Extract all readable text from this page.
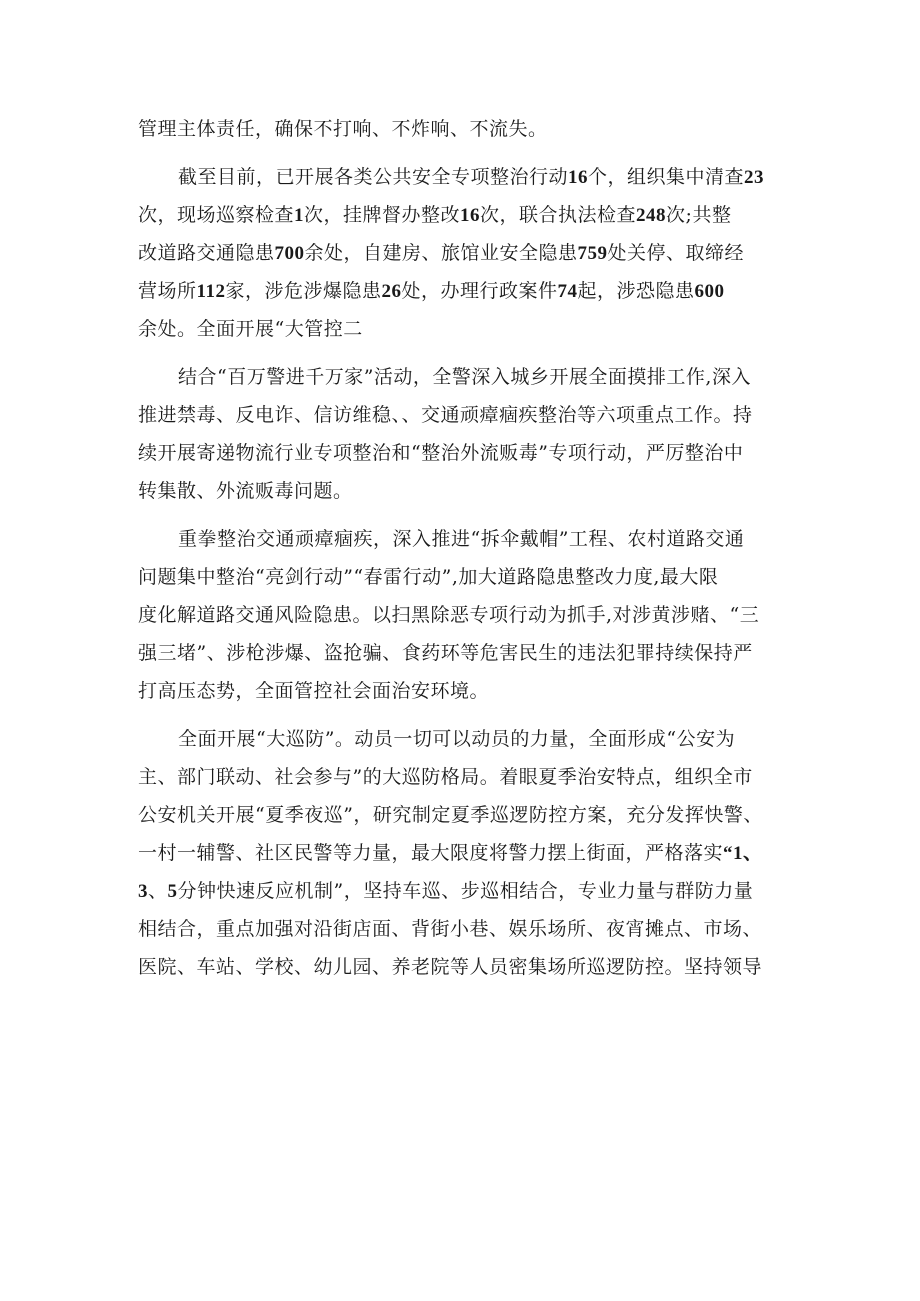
管理主体责任，确保不打响、不炸响、不流失。
截至目前，已开展各类公共安全专项整治行动16个，组织集中清查23
次，现场巡察检查1次，挂牌督办整改16次，联合执法检查248次;共整
改道路交通隐患700余处，自建房、旅馆业安全隐患759处关停、取缔经
营场所112家，涉危涉爆隐患26处，办理行政案件74起，涉恐隐患600
余处。全面开展“大管控二
结合“百万警进千万家”活动，全警深入城乡开展全面摸排工作,深入
推进禁毒、反电诈、信访维稳、、交通顽瘴痼疾整治等六项重点工作。持
续开展寄递物流行业专项整治和“整治外流贩毒”专项行动，严厉整治中
转集散、外流贩毒问题。
重拳整治交通顽瘴痼疾，深入推进“拆伞戴帽”工程、农村道路交通
问题集中整治“亮剑行动”“春雷行动”,加大道路隐患整改力度,最大限
度化解道路交通风险隐患。以扫黑除恶专项行动为抓手,对涉黄涉赌、“三
强三堵”、涉枪涉爆、盗抢骗、食药环等危害民生的违法犯罪持续保持严
打高压态势，全面管控社会面治安环境。
全面开展“大巡防”。动员一切可以动员的力量，全面形成“公安为
主、部门联动、社会参与”的大巡防格局。着眼夏季治安特点，组织全市
公安机关开展“夏季夜巡”，研究制定夏季巡逻防控方案，充分发挥快警、
一村一辅警、社区民警等力量，最大限度将警力摆上街面，严格落实“1、
3、5分钟快速反应机制”，坚持车巡、步巡相结合，专业力量与群防力量
相结合，重点加强对沿街店面、背街小巷、娱乐场所、夜宵摊点、市场、
医院、车站、学校、幼儿园、养老院等人员密集场所巡逻防控。坚持领导
